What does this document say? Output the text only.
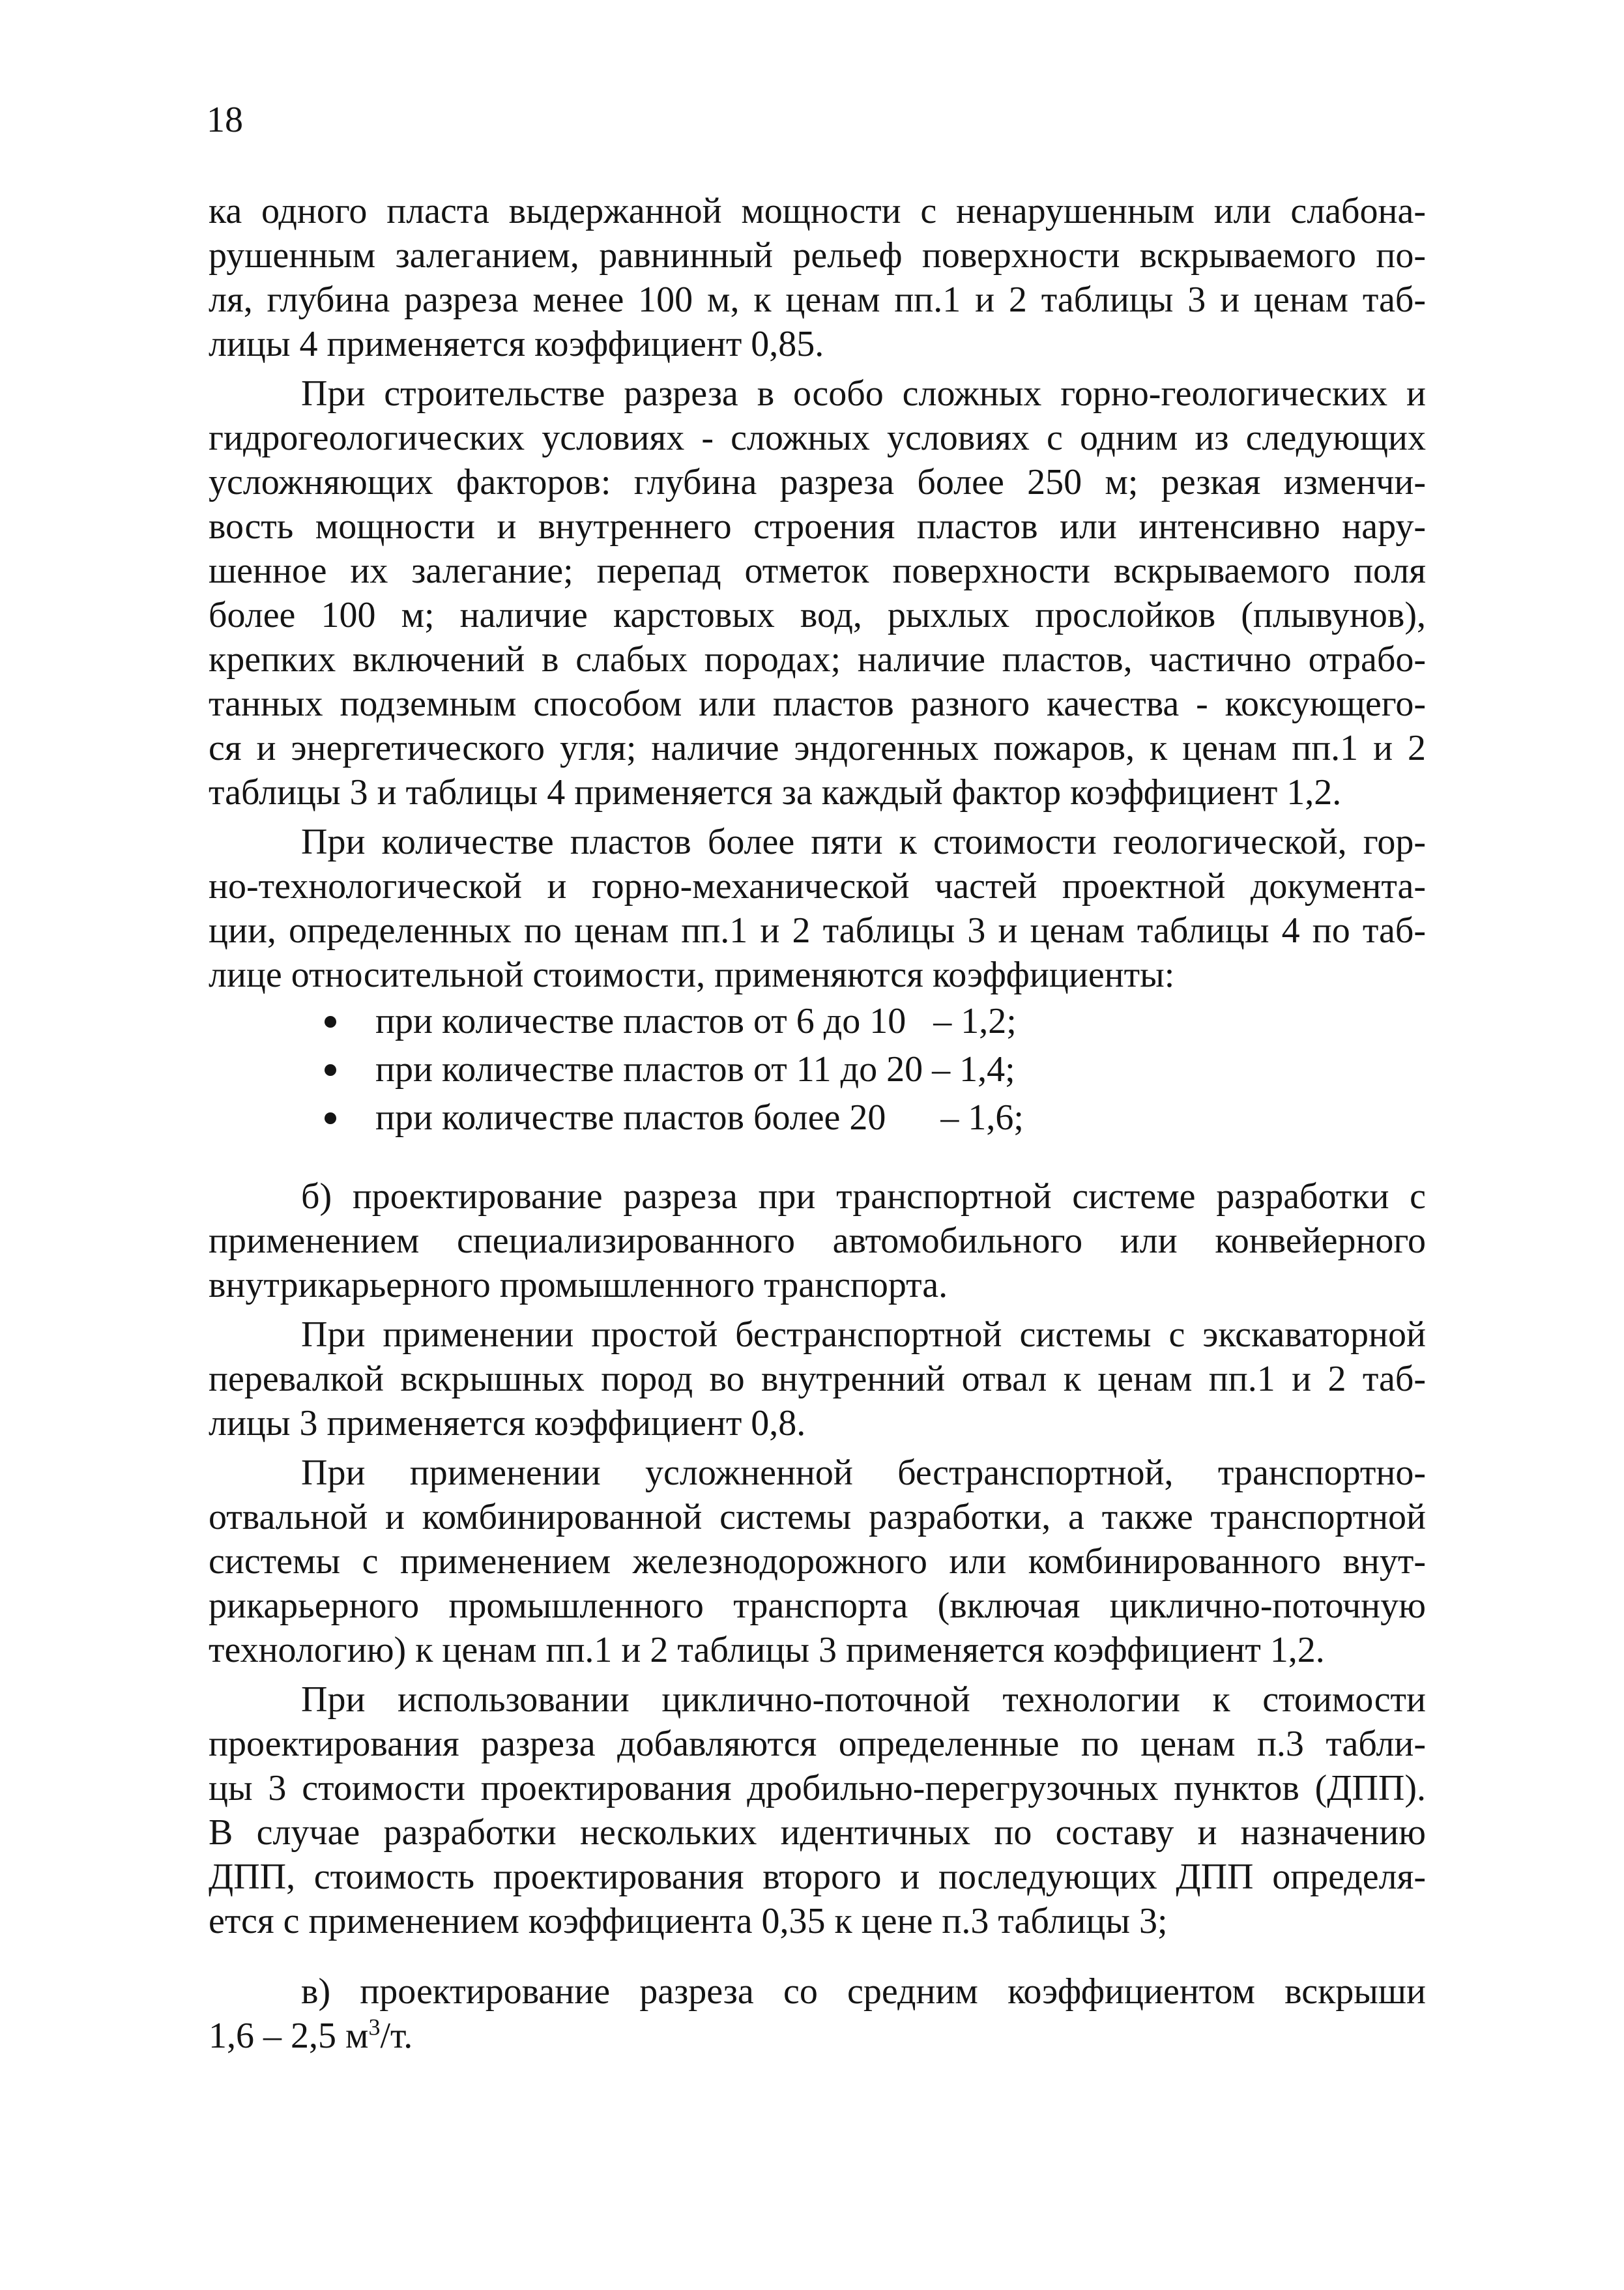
18
ка одного пласта выдержанной мощности с ненарушенным или слабона-
рушенным залеганием, равнинный рельеф поверхности вскрываемого по-
ля, глубина разреза менее 100 м, к ценам пп.1 и 2 таблицы 3 и ценам таб-
лицы 4 применяется коэффициент 0,85.
При строительстве разреза в особо сложных горно-геологических и
гидрогеологических условиях - сложных условиях с одним из следующих
усложняющих факторов: глубина разреза более 250 м; резкая изменчи-
вость мощности и внутреннего строения пластов или интенсивно нару-
шенное их залегание; перепад отметок поверхности вскрываемого поля
более 100 м; наличие карстовых вод, рыхлых прослойков (плывунов),
крепких включений в слабых породах; наличие пластов, частично отрабо-
танных подземным способом или пластов разного качества - коксующего-
ся и энергетического угля; наличие эндогенных пожаров, к ценам пп.1 и 2
таблицы 3 и таблицы 4 применяется за каждый фактор коэффициент 1,2.
При количестве пластов более пяти к стоимости геологической, гор-
но-технологической и горно-механической частей проектной документа-
ции, определенных по ценам пп.1 и 2 таблицы 3 и ценам таблицы 4 по таб-
лице относительной стоимости, применяются коэффициенты:
при количестве пластов от 6 до 10   – 1,2;
при количестве пластов от 11 до 20 – 1,4;
при количестве пластов более 20      – 1,6;
б) проектирование разреза при транспортной системе разработки с
применением специализированного автомобильного или конвейерного
внутрикарьерного промышленного транспорта.
При применении простой бестранспортной системы с экскаваторной
перевалкой вскрышных пород во внутренний отвал к ценам пп.1 и 2 таб-
лицы 3 применяется коэффициент 0,8.
При применении усложненной бестранспортной, транспортно-
отвальной и комбинированной системы разработки, а также транспортной
системы с применением железнодорожного или комбинированного внут-
рикарьерного промышленного транспорта (включая циклично-поточную
технологию) к ценам пп.1 и 2 таблицы 3 применяется коэффициент 1,2.
При использовании циклично-поточной технологии к стоимости
проектирования разреза добавляются определенные по ценам п.3 табли-
цы 3 стоимости проектирования дробильно-перегрузочных пунктов (ДПП).
В случае разработки нескольких идентичных по составу и назначению
ДПП, стоимость проектирования второго и последующих ДПП определя-
ется с применением коэффициента 0,35 к цене п.3 таблицы 3;
в) проектирование разреза со средним коэффициентом вскрыши
1,6 – 2,5 $м^3/т$.
